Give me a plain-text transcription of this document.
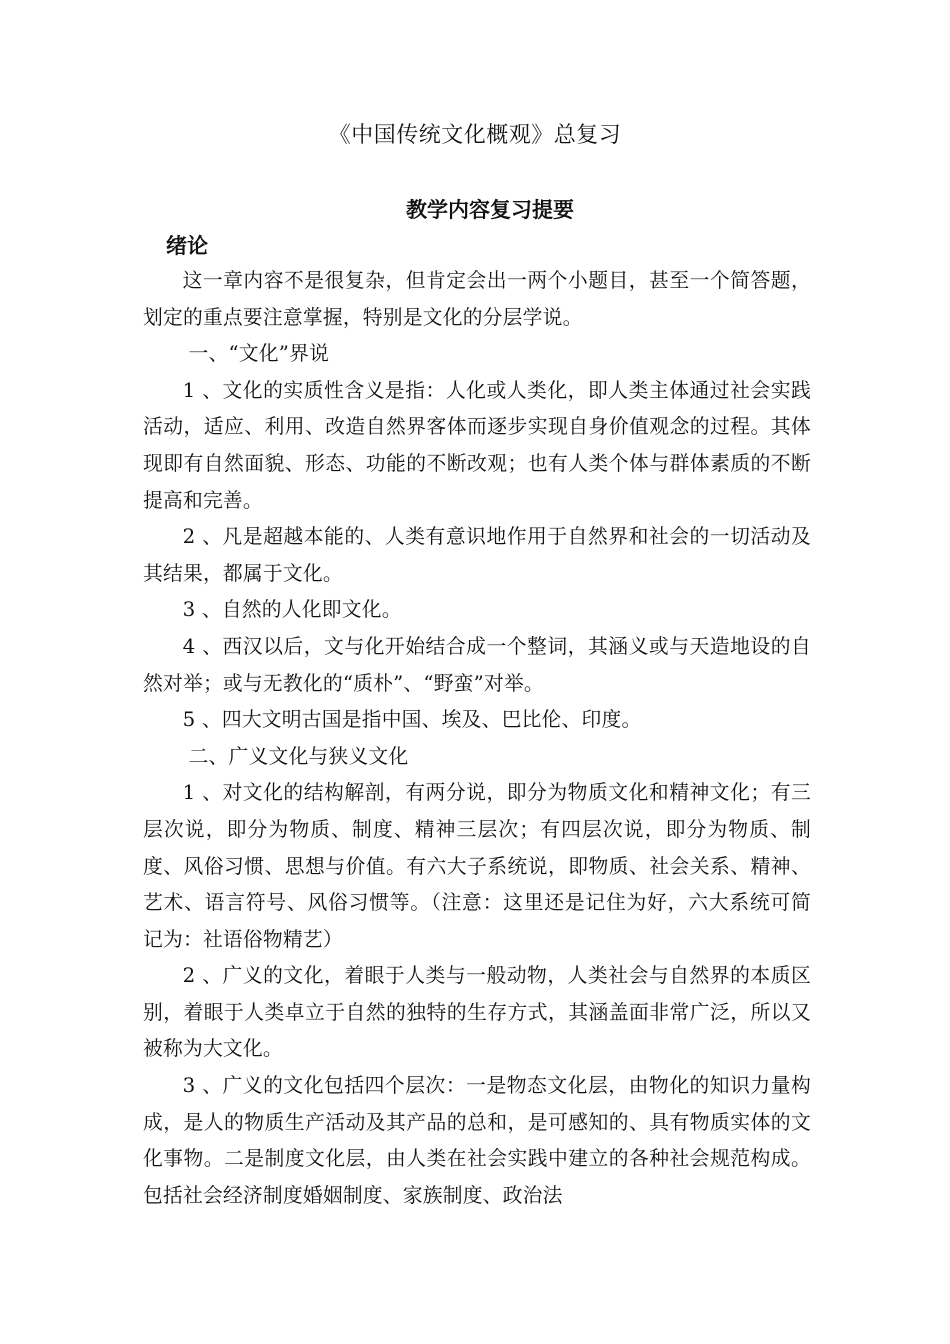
《中国传统文化概观》总复习
教学内容复习提要
绪论

这一章内容不是很复杂，但肯定会出一两个小题目，甚至一个简答题，划定的重点要注意掌握，特别是文化的分层学说。

一、“文化”界说

1 、文化的实质性含义是指：人化或人类化，即人类主体通过社会实践活动，适应、利用、改造自然界客体而逐步实现自身价值观念的过程。其体现即有自然面貌、形态、功能的不断改观；也有人类个体与群体素质的不断提高和完善。

2 、凡是超越本能的、人类有意识地作用于自然界和社会的一切活动及其结果，都属于文化。

3 、自然的人化即文化。

4 、西汉以后，文与化开始结合成一个整词，其涵义或与天造地设的自然对举；或与无教化的“质朴”、“野蛮”对举。

5 、四大文明古国是指中国、埃及、巴比伦、印度。

二、广义文化与狭义文化

1 、对文化的结构解剖，有两分说，即分为物质文化和精神文化；有三层次说，即分为物质、制度、精神三层次；有四层次说，即分为物质、制度、风俗习惯、思想与价值。有六大子系统说，即物质、社会关系、精神、艺术、语言符号、风俗习惯等。（注意：这里还是记住为好，六大系统可简记为：社语俗物精艺）

2 、广义的文化，着眼于人类与一般动物，人类社会与自然界的本质区别，着眼于人类卓立于自然的独特的生存方式，其涵盖面非常广泛，所以又被称为大文化。

3 、广义的文化包括四个层次：一是物态文化层，由物化的知识力量构成，是人的物质生产活动及其产品的总和，是可感知的、具有物质实体的文化事物。二是制度文化层，由人类在社会实践中建立的各种社会规范构成。包括社会经济制度婚姻制度、家族制度、政治法
